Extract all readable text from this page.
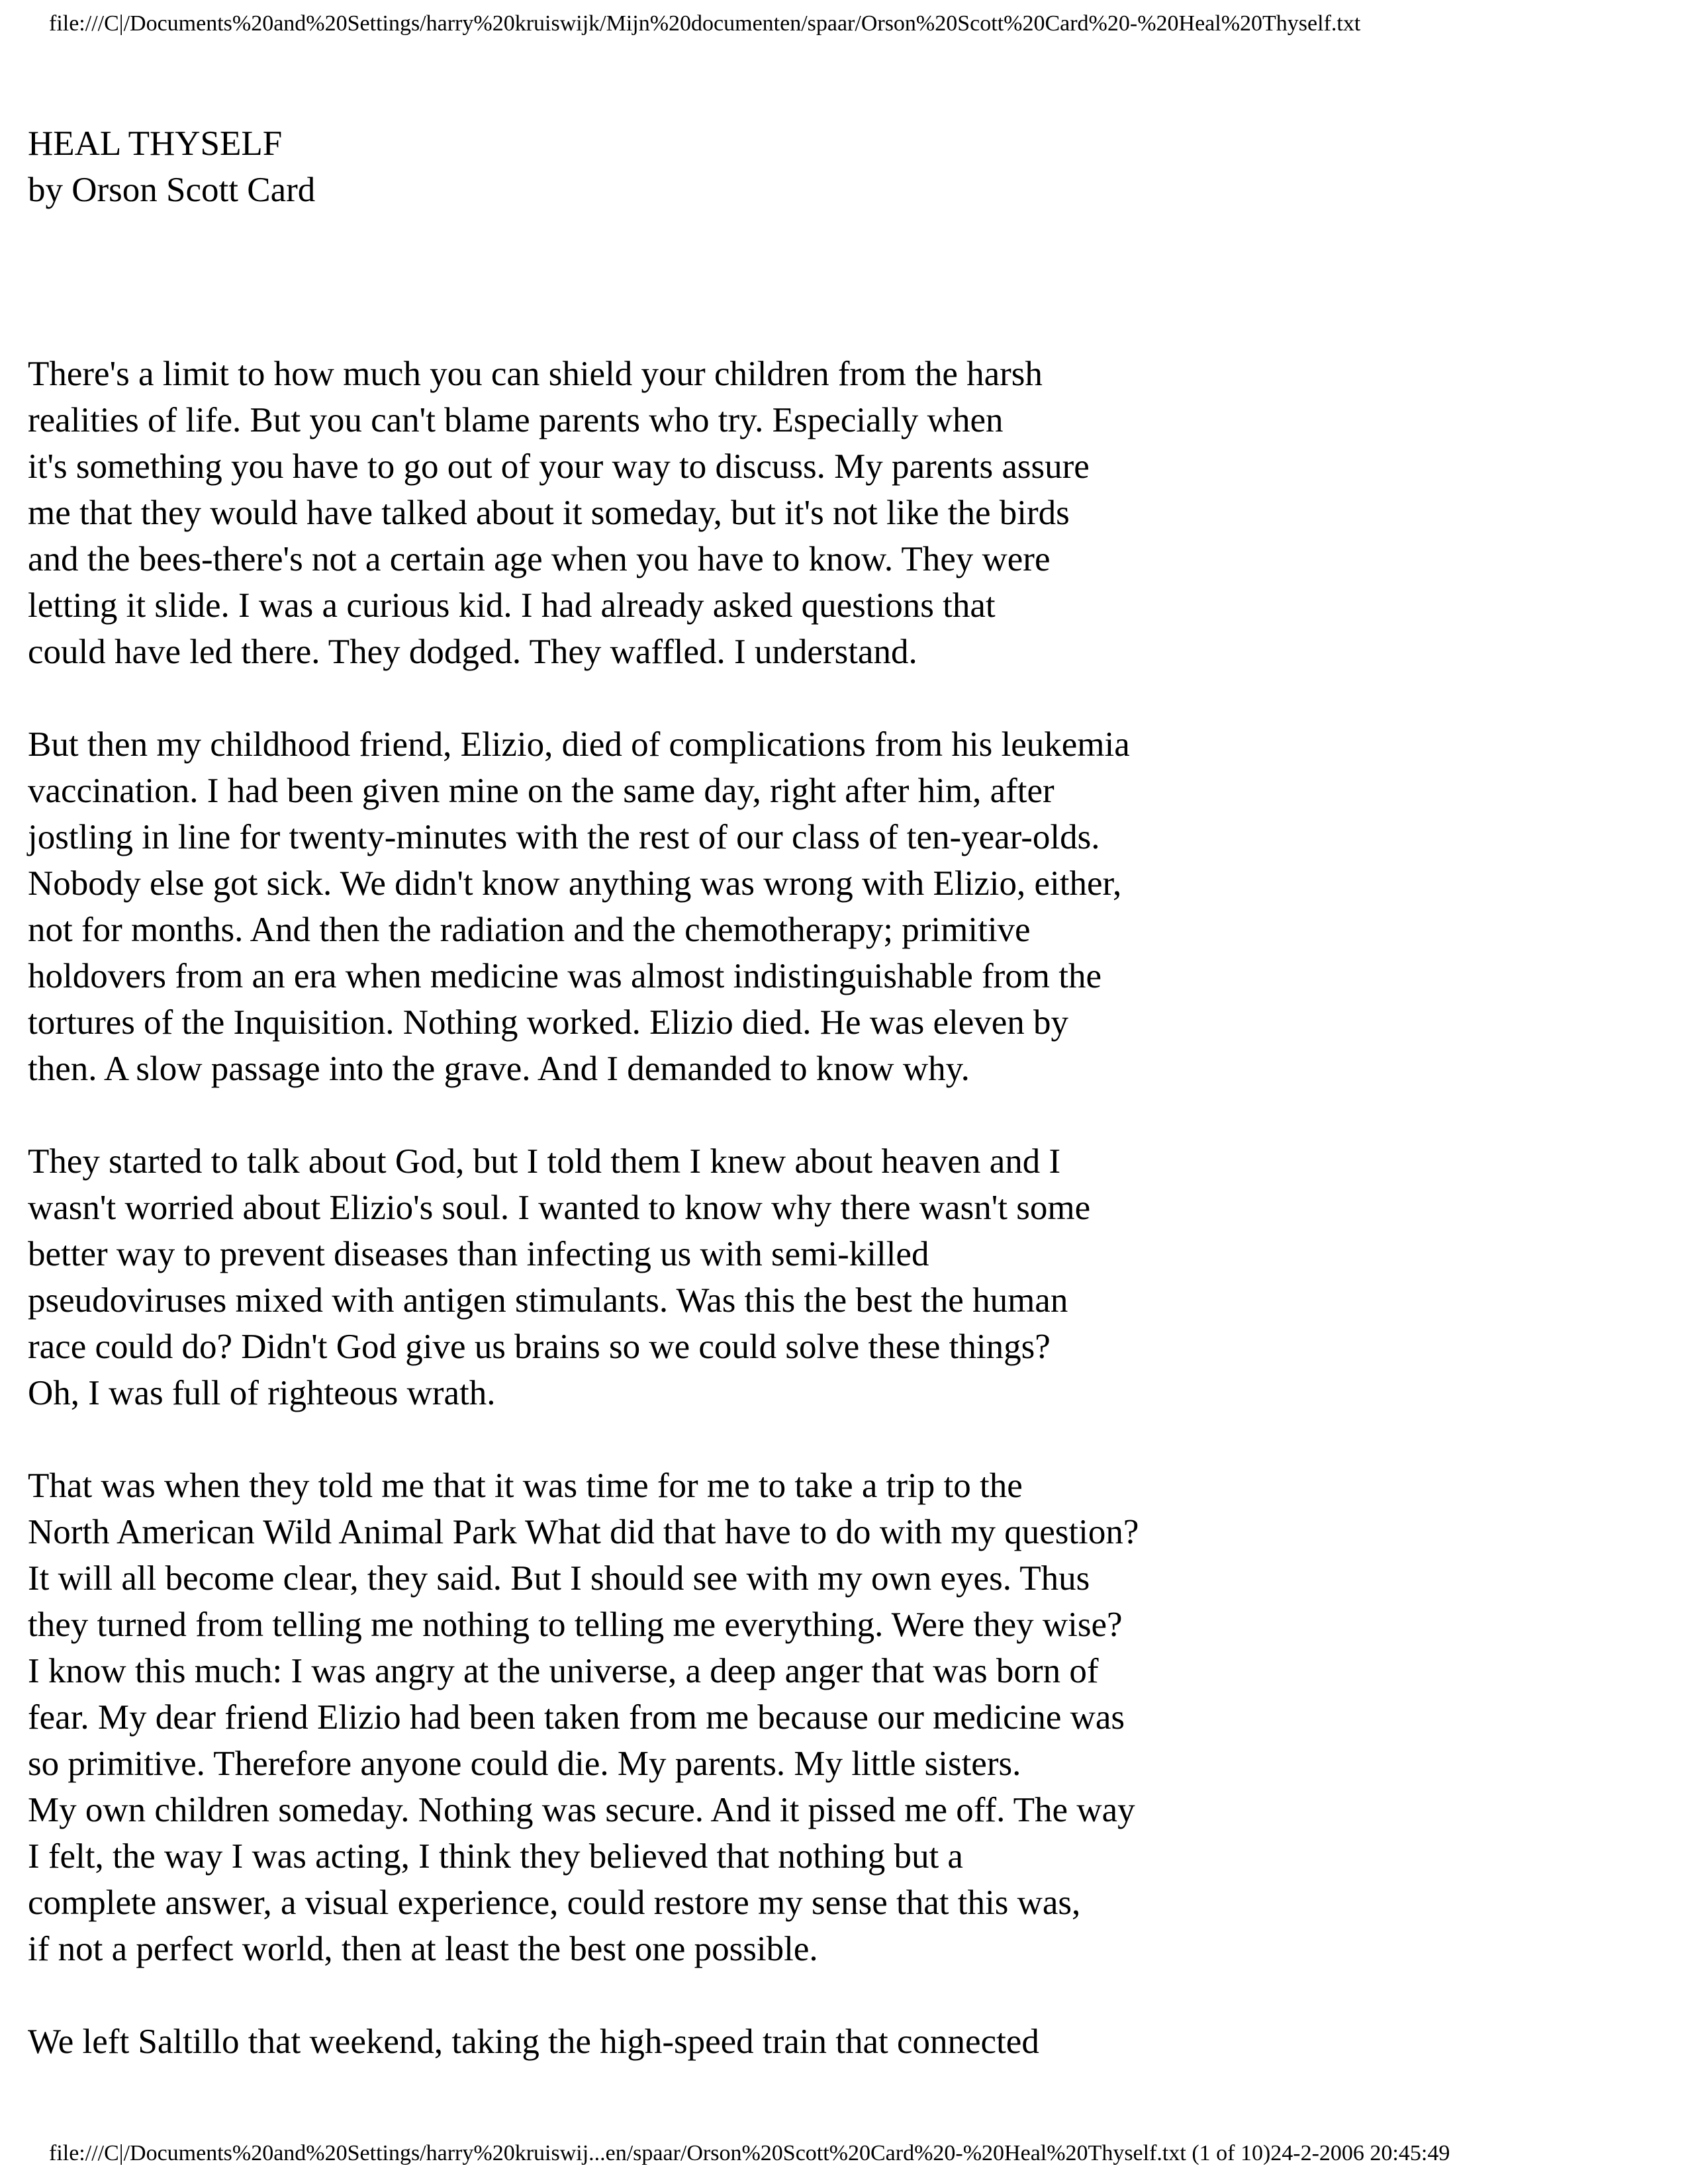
file:///C|/Documents%20and%20Settings/harry%20kruiswijk/Mijn%20documenten/spaar/Orson%20Scott%20Card%20-%20Heal%20Thyself.txt
HEAL THYSELF
by Orson Scott Card
There's a limit to how much you can shield your children from the harsh
realities of life. But you can't blame parents who try. Especially when
it's something you have to go out of your way to discuss. My parents assure
me that they would have talked about it someday, but it's not like the birds
and the bees-there's not a certain age when you have to know. They were
letting it slide. I was a curious kid. I had already asked questions that
could have led there. They dodged. They waffled. I understand.
But then my childhood friend, Elizio, died of complications from his leukemia
vaccination. I had been given mine on the same day, right after him, after
jostling in line for twenty-minutes with the rest of our class of ten-year-olds.
Nobody else got sick. We didn't know anything was wrong with Elizio, either,
not for months. And then the radiation and the chemotherapy; primitive
holdovers from an era when medicine was almost indistinguishable from the
tortures of the Inquisition. Nothing worked. Elizio died. He was eleven by
then. A slow passage into the grave. And I demanded to know why.
They started to talk about God, but I told them I knew about heaven and I
wasn't worried about Elizio's soul. I wanted to know why there wasn't some
better way to prevent diseases than infecting us with semi-killed
pseudoviruses mixed with antigen stimulants. Was this the best the human
race could do? Didn't God give us brains so we could solve these things?
Oh, I was full of righteous wrath.
That was when they told me that it was time for me to take a trip to the
North American Wild Animal Park What did that have to do with my question?
It will all become clear, they said. But I should see with my own eyes. Thus
they turned from telling me nothing to telling me everything. Were they wise?
I know this much: I was angry at the universe, a deep anger that was born of
fear. My dear friend Elizio had been taken from me because our medicine was
so primitive. Therefore anyone could die. My parents. My little sisters.
My own children someday. Nothing was secure. And it pissed me off. The way
I felt, the way I was acting, I think they believed that nothing but a
complete answer, a visual experience, could restore my sense that this was,
if not a perfect world, then at least the best one possible.
We left Saltillo that weekend, taking the high-speed train that connected
file:///C|/Documents%20and%20Settings/harry%20kruiswij...en/spaar/Orson%20Scott%20Card%20-%20Heal%20Thyself.txt (1 of 10)24-2-2006 20:45:49
